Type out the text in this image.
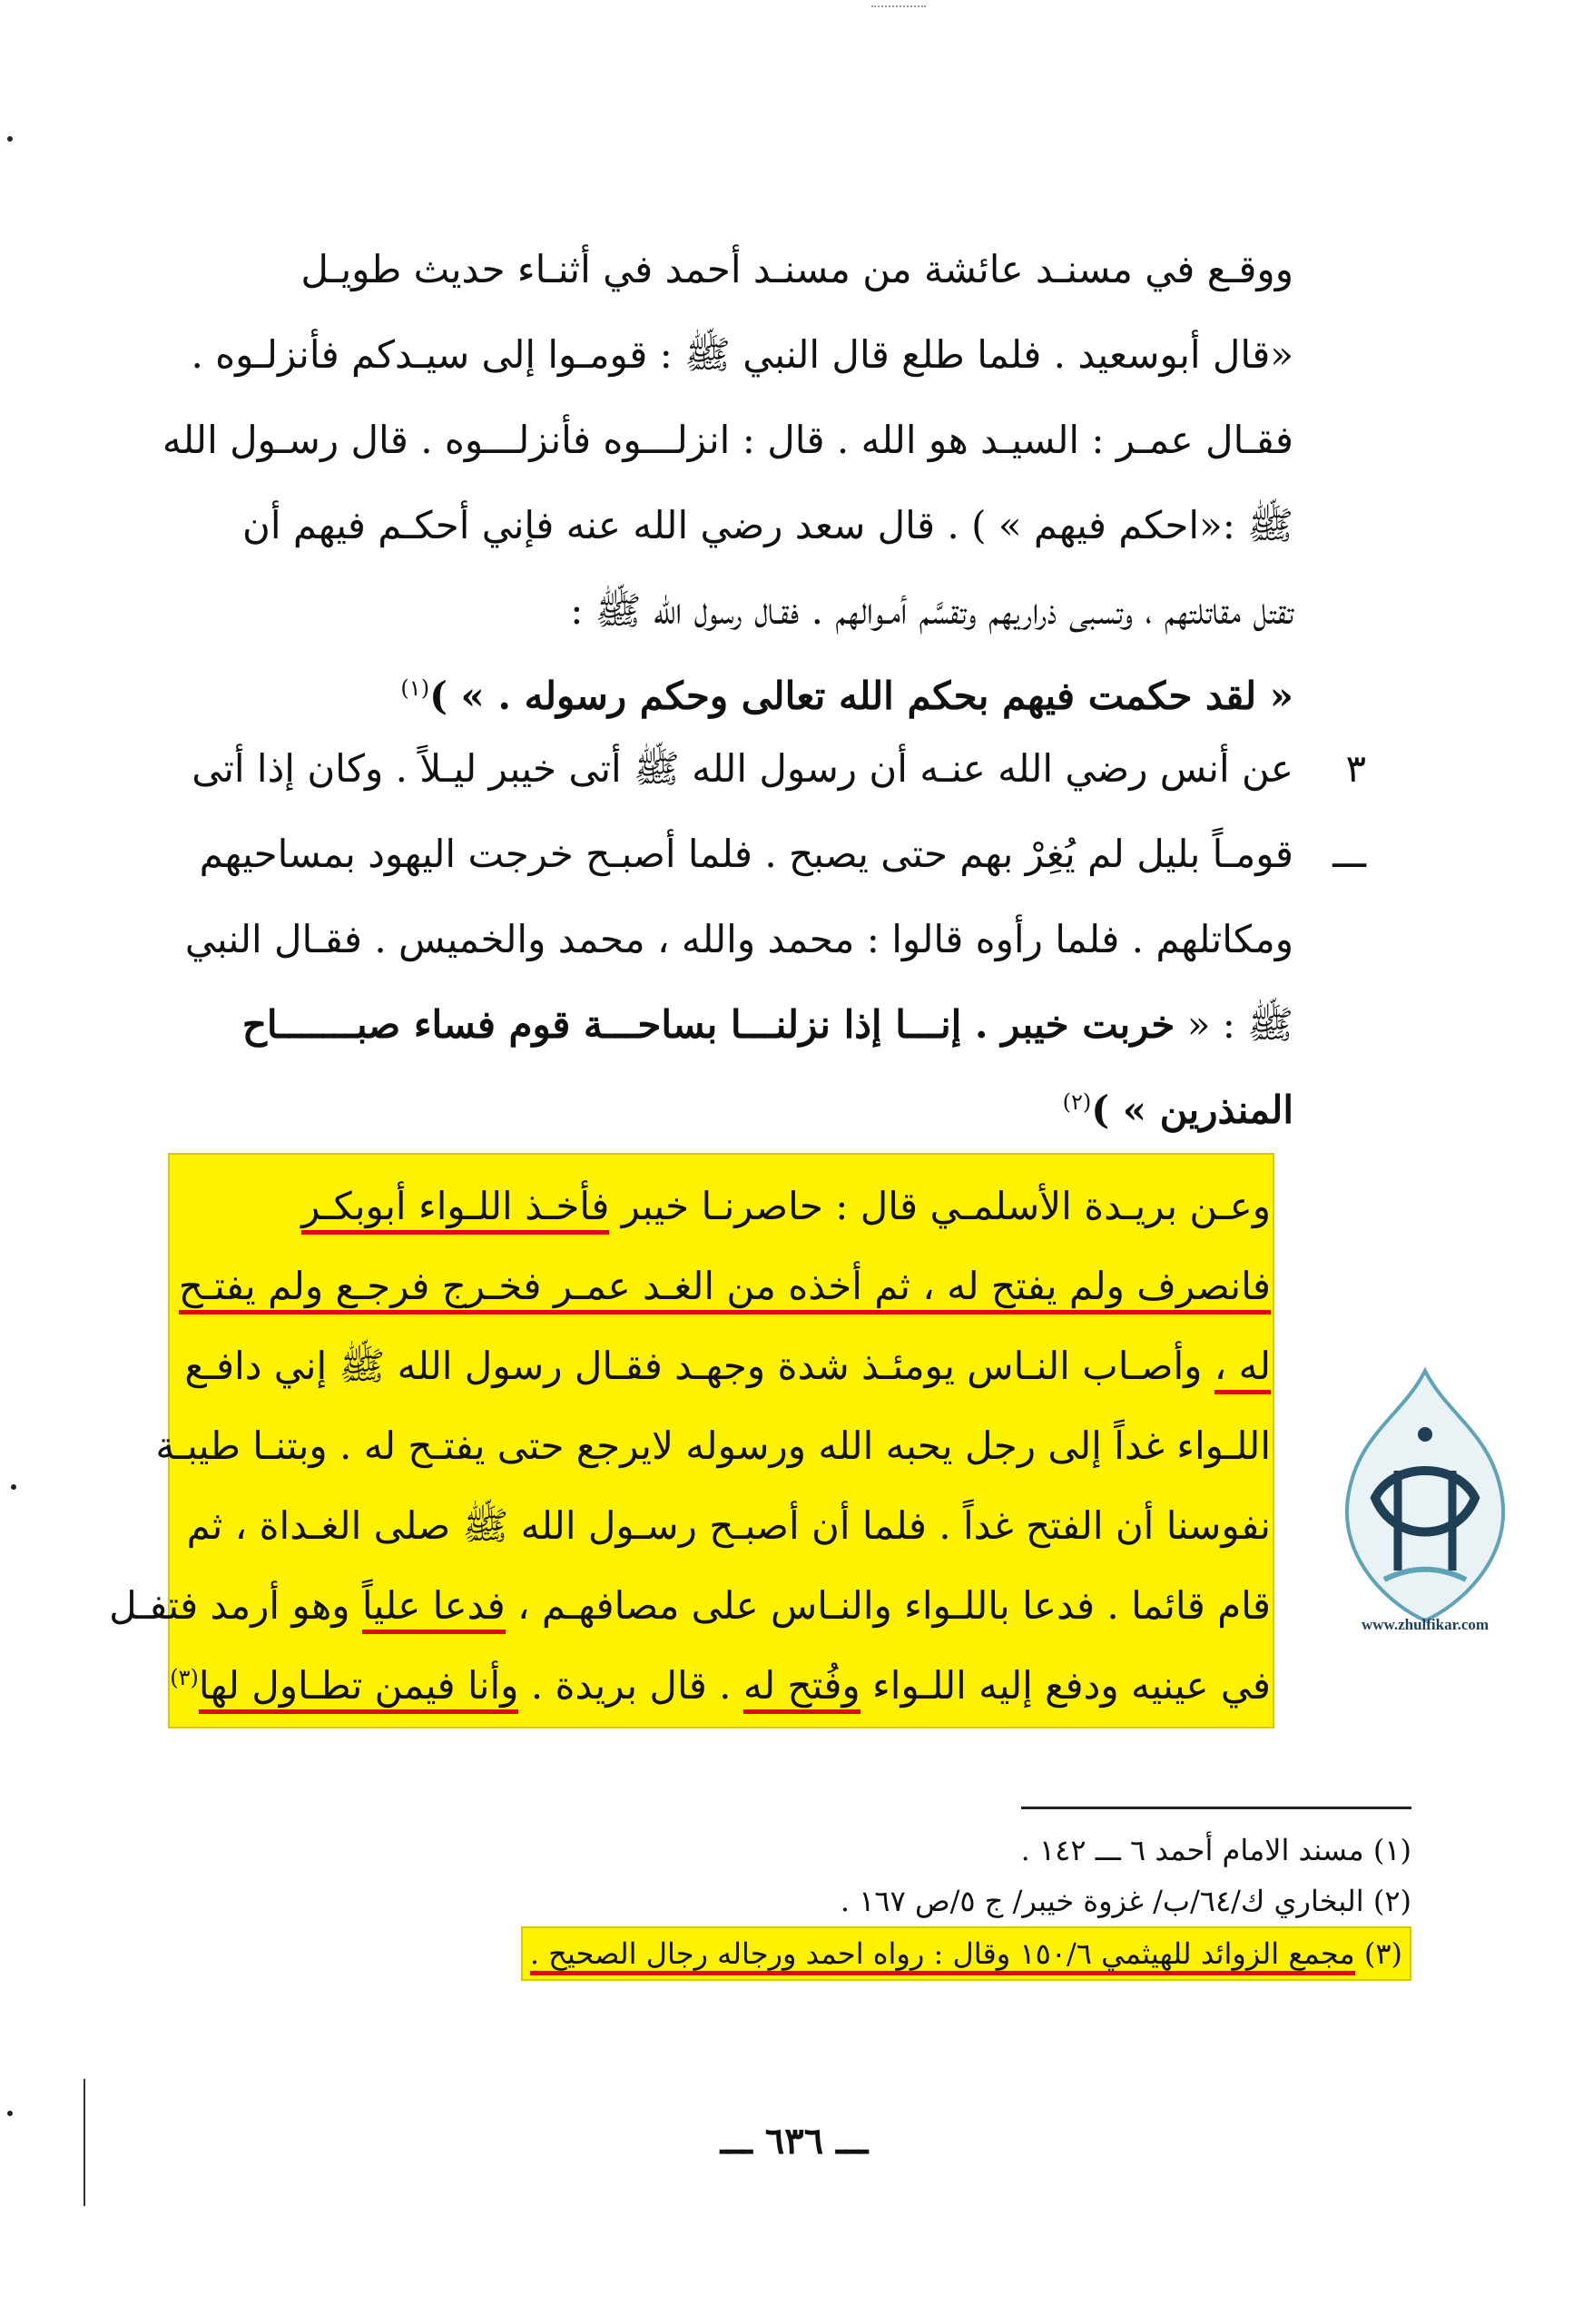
ووقـع في مسنـد عائشة من مسنـد أحمد في أثنـاء حديث طويـل
«قال أبوسعيد . فلما طلع قال النبي ﷺ : قومـوا إلى سيـدكم فأنزلـوه .
فقـال عمـر : السيـد هو الله . قال : انزلـــوه فأنزلـــوه . قال رسـول الله
ﷺ :«احكم فيهم » ) . قال سعد رضي الله عنه فإني أحكـم فيهم أن
تقتل مقاتلتهم ، وتسبى ذراريهم وتقسَّم أمـوالهم . فقـال رسول الله ﷺ :
« لقد حكمت فيهم بحكم الله تعالى وحكم رسوله . » )$^{(١)}$
٣ ـــ
عن أنس رضي الله عنـه أن رسول الله ﷺ أتى خيبر ليـلاً . وكان إذا أتى
قومـاً بليل لم يُغِرْ بهم حتى يصبح . فلما أصبـح خرجت اليهود بمساحيهم
ومكاتلهم . فلما رأوه قالوا : محمد والله ، محمد والخميس . فقـال النبي
ﷺ : « خربت خيبر . إنـــا إذا نزلنـــا بساحـــة قوم فساء صبـــــــاح
المنذرين » )$^{(٢)}$
وعـن بريـدة الأسلمـي قال : حاصرنـا خيبر فأخـذ اللـواء أبوبكـر
فانصرف ولم يفتح له ، ثم أخذه من الغـد عمـر فخـرج فرجـع ولم يفتـح
له ، وأصـاب النـاس يومئـذ شدة وجهـد فقـال رسول الله ﷺ إني دافـع
اللـواء غداً إلى رجل يحبه الله ورسوله لايرجع حتى يفتـح له . وبتنـا طيبـة
نفوسنا أن الفتح غداً . فلما أن أصبـح رسـول الله ﷺ صلى الغـداة ، ثم
قام قائما . فدعا باللـواء والنـاس على مصافهـم ، فدعا علياً وهو أرمد فتفـل
في عينيه ودفع إليه اللـواء وفُتح له . قال بريدة . وأنا فيمن تطـاول لها$^{(٣)}$
www.zhulfikar.com
(١) مسند الامام أحمد ٦ ـــ ١٤٢ .
(٢) البخاري ك/٦٤/ب/ غزوة خيبر/ ج ٥/ص ١٦٧ .
(٣) مجمع الزوائد للهيثمي ١٥٠/٦ وقال : رواه احمد ورجاله رجال الصحيح .
ـــ ٦٣٦ ـــ
